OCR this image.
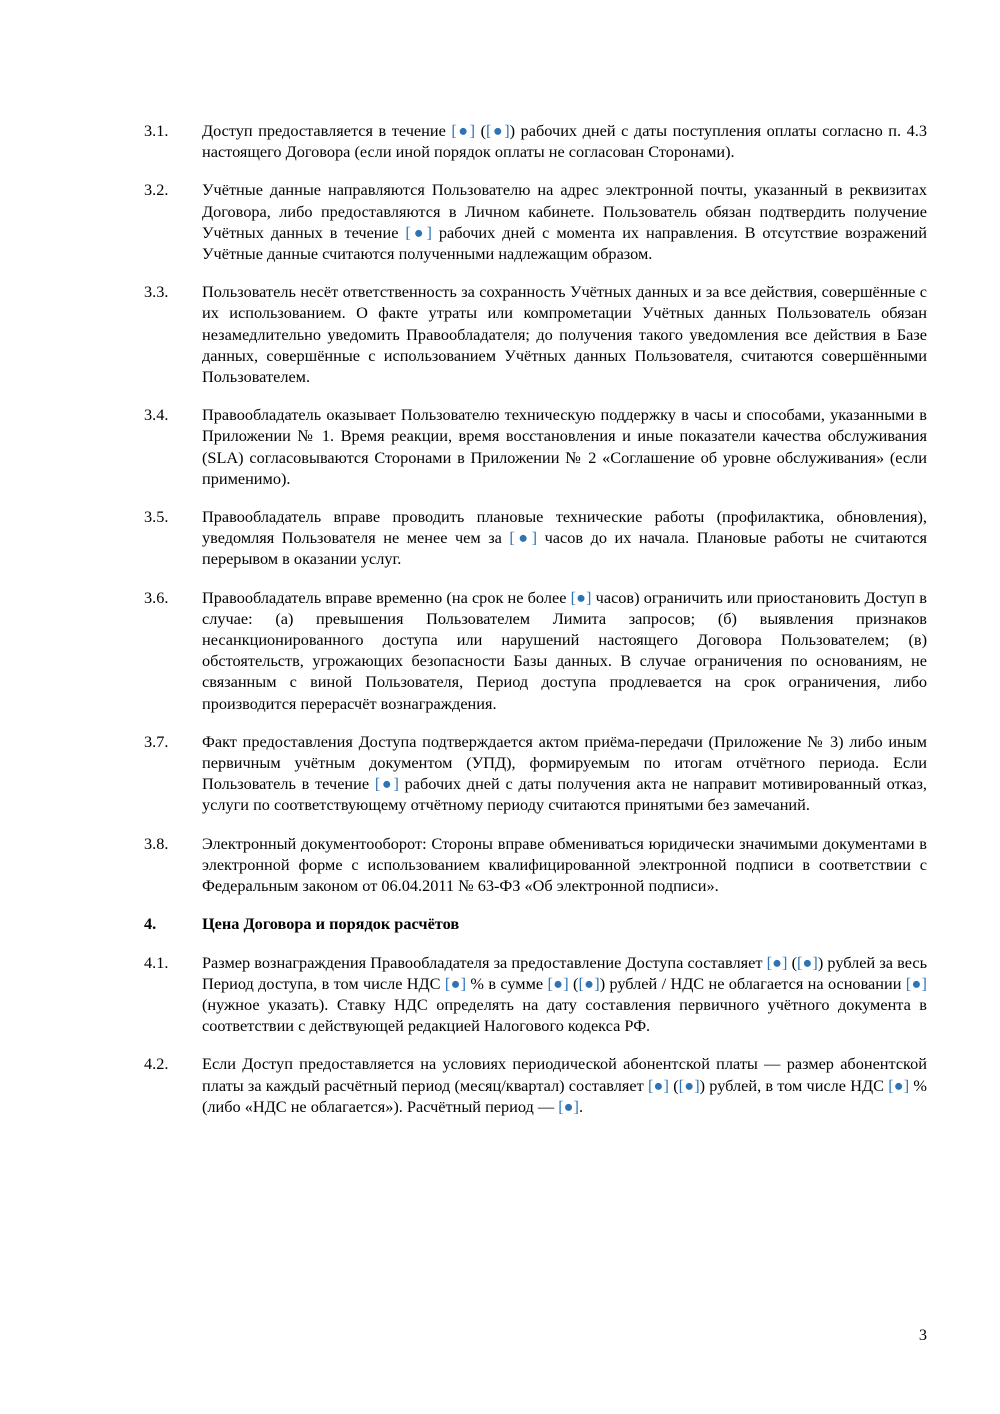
3.1.	Доступ предоставляется в течение [●] ([●]) рабочих дней с даты поступления оплаты согласно п. 4.3 настоящего Договора (если иной порядок оплаты не согласован Сторонами).
3.2.	Учётные данные направляются Пользователю на адрес электронной почты, указанный в реквизитах Договора, либо предоставляются в Личном кабинете. Пользователь обязан подтвердить получение Учётных данных в течение [●] рабочих дней с момента их направления. В отсутствие возражений Учётные данные считаются полученными надлежащим образом.
3.3.	Пользователь несёт ответственность за сохранность Учётных данных и за все действия, совершённые с их использованием. О факте утраты или компрометации Учётных данных Пользователь обязан незамедлительно уведомить Правообладателя; до получения такого уведомления все действия в Базе данных, совершённые с использованием Учётных данных Пользователя, считаются совершёнными Пользователем.
3.4.	Правообладатель оказывает Пользователю техническую поддержку в часы и способами, указанными в Приложении № 1. Время реакции, время восстановления и иные показатели качества обслуживания (SLA) согласовываются Сторонами в Приложении № 2 «Соглашение об уровне обслуживания» (если применимо).
3.5.	Правообладатель вправе проводить плановые технические работы (профилактика, обновления), уведомляя Пользователя не менее чем за [●] часов до их начала. Плановые работы не считаются перерывом в оказании услуг.
3.6.	Правообладатель вправе временно (на срок не более [●] часов) ограничить или приостановить Доступ в случае: (а) превышения Пользователем Лимита запросов; (б) выявления признаков несанкционированного доступа или нарушений настоящего Договора Пользователем; (в) обстоятельств, угрожающих безопасности Базы данных. В случае ограничения по основаниям, не связанным с виной Пользователя, Период доступа продлевается на срок ограничения, либо производится перерасчёт вознаграждения.
3.7.	Факт предоставления Доступа подтверждается актом приёма-передачи (Приложение № 3) либо иным первичным учётным документом (УПД), формируемым по итогам отчётного периода. Если Пользователь в течение [●] рабочих дней с даты получения акта не направит мотивированный отказ, услуги по соответствующему отчётному периоду считаются принятыми без замечаний.
3.8.	Электронный документооборот: Стороны вправе обмениваться юридически значимыми документами в электронной форме с использованием квалифицированной электронной подписи в соответствии с Федеральным законом от 06.04.2011 № 63-ФЗ «Об электронной подписи».
4.	Цена Договора и порядок расчётов
4.1.	Размер вознаграждения Правообладателя за предоставление Доступа составляет [●] ([●]) рублей за весь Период доступа, в том числе НДС [●] % в сумме [●] ([●]) рублей / НДС не облагается на основании [●] (нужное указать). Ставку НДС определять на дату составления первичного учётного документа в соответствии с действующей редакцией Налогового кодекса РФ.
4.2.	Если Доступ предоставляется на условиях периодической абонентской платы — размер абонентской платы за каждый расчётный период (месяц/квартал) составляет [●] ([●]) рублей, в том числе НДС [●] % (либо «НДС не облагается»). Расчётный период — [●].
3
